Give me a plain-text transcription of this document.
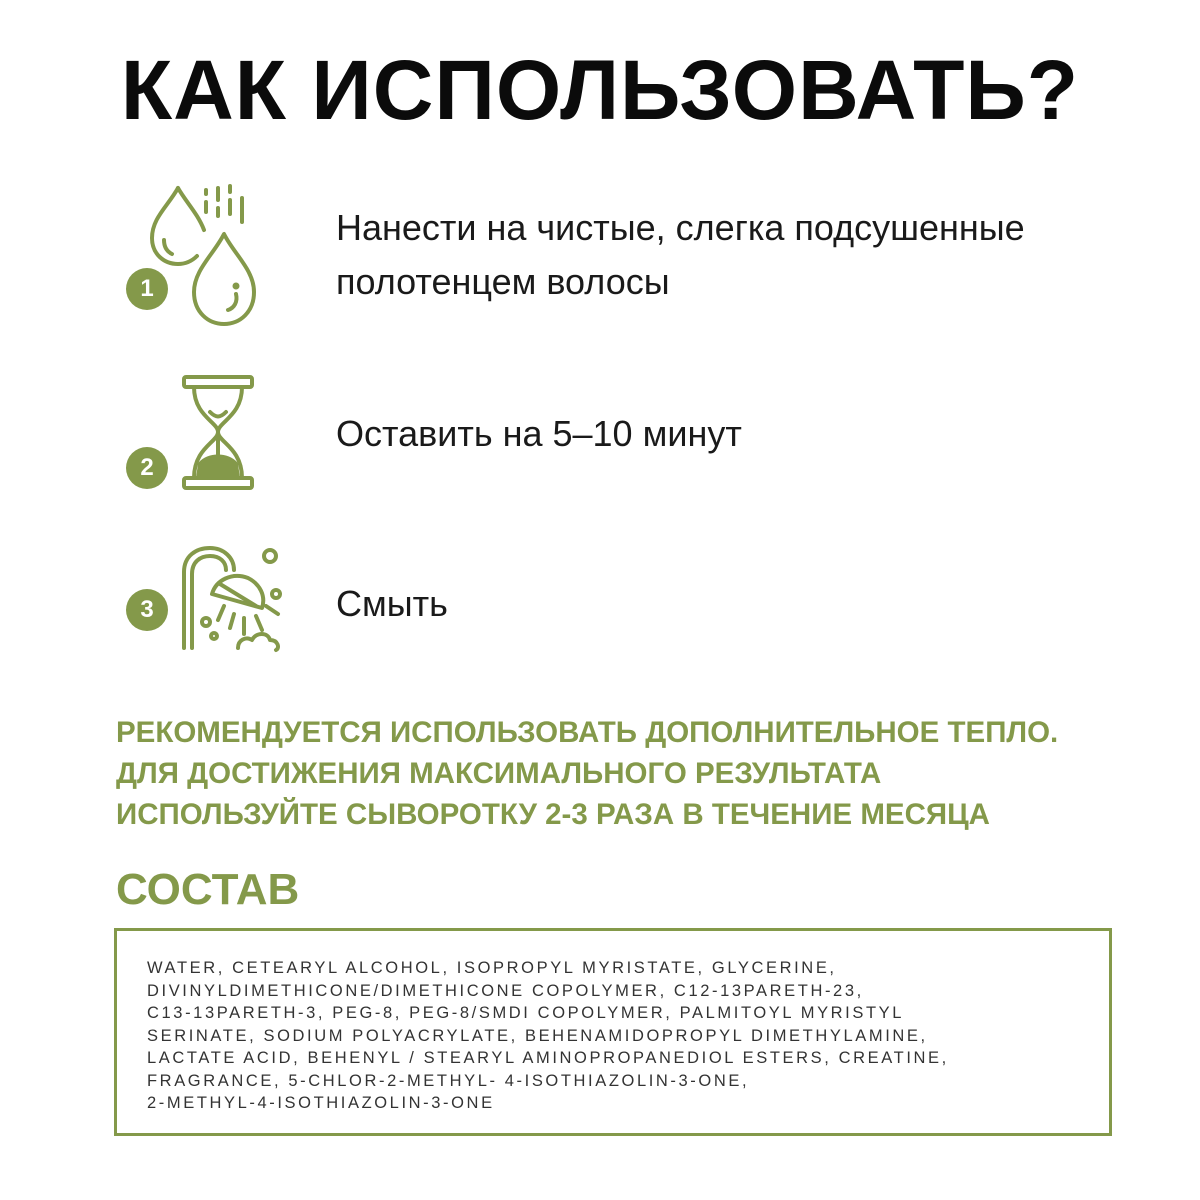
КАК ИСПОЛЬЗОВАТЬ?
1
Нанести на чистые, слегка подсушенные
полотенцем волосы
2
Оставить на 5–10 минут
3	Смыть
РЕКОМЕНДУЕТСЯ ИСПОЛЬЗОВАТЬ ДОПОЛНИТЕЛЬНОЕ ТЕПЛО.
ДЛЯ ДОСТИЖЕНИЯ МАКСИМАЛЬНОГО РЕЗУЛЬТАТА
ИСПОЛЬЗУЙТЕ СЫВОРОТКУ 2-3 РАЗА В ТЕЧЕНИЕ МЕСЯЦА
СОСТАВ
WATER, CETEARYL ALCOHOL, ISOPROPYL MYRISTATE, GLYCERINE,
DIVINYLDIMETHICONE/DIMETHICONE COPOLYMER, C12-13PARETH-23,
C13-13PARETH-3, PEG-8, PEG-8/SMDI COPOLYMER, PALMITOYL MYRISTYL
SERINATE, SODIUM POLYACRYLATE, BEHENAMIDOPROPYL DIMETHYLAMINE,
LACTATE ACID, BEHENYL / STEARYL AMINOPROPANEDIOL ESTERS, CREATINE,
FRAGRANCE, 5-CHLOR-2-METHYL- 4-ISOTHIAZOLIN-3-ONE,
2-METHYL-4-ISOTHIAZOLIN-3-ONE
